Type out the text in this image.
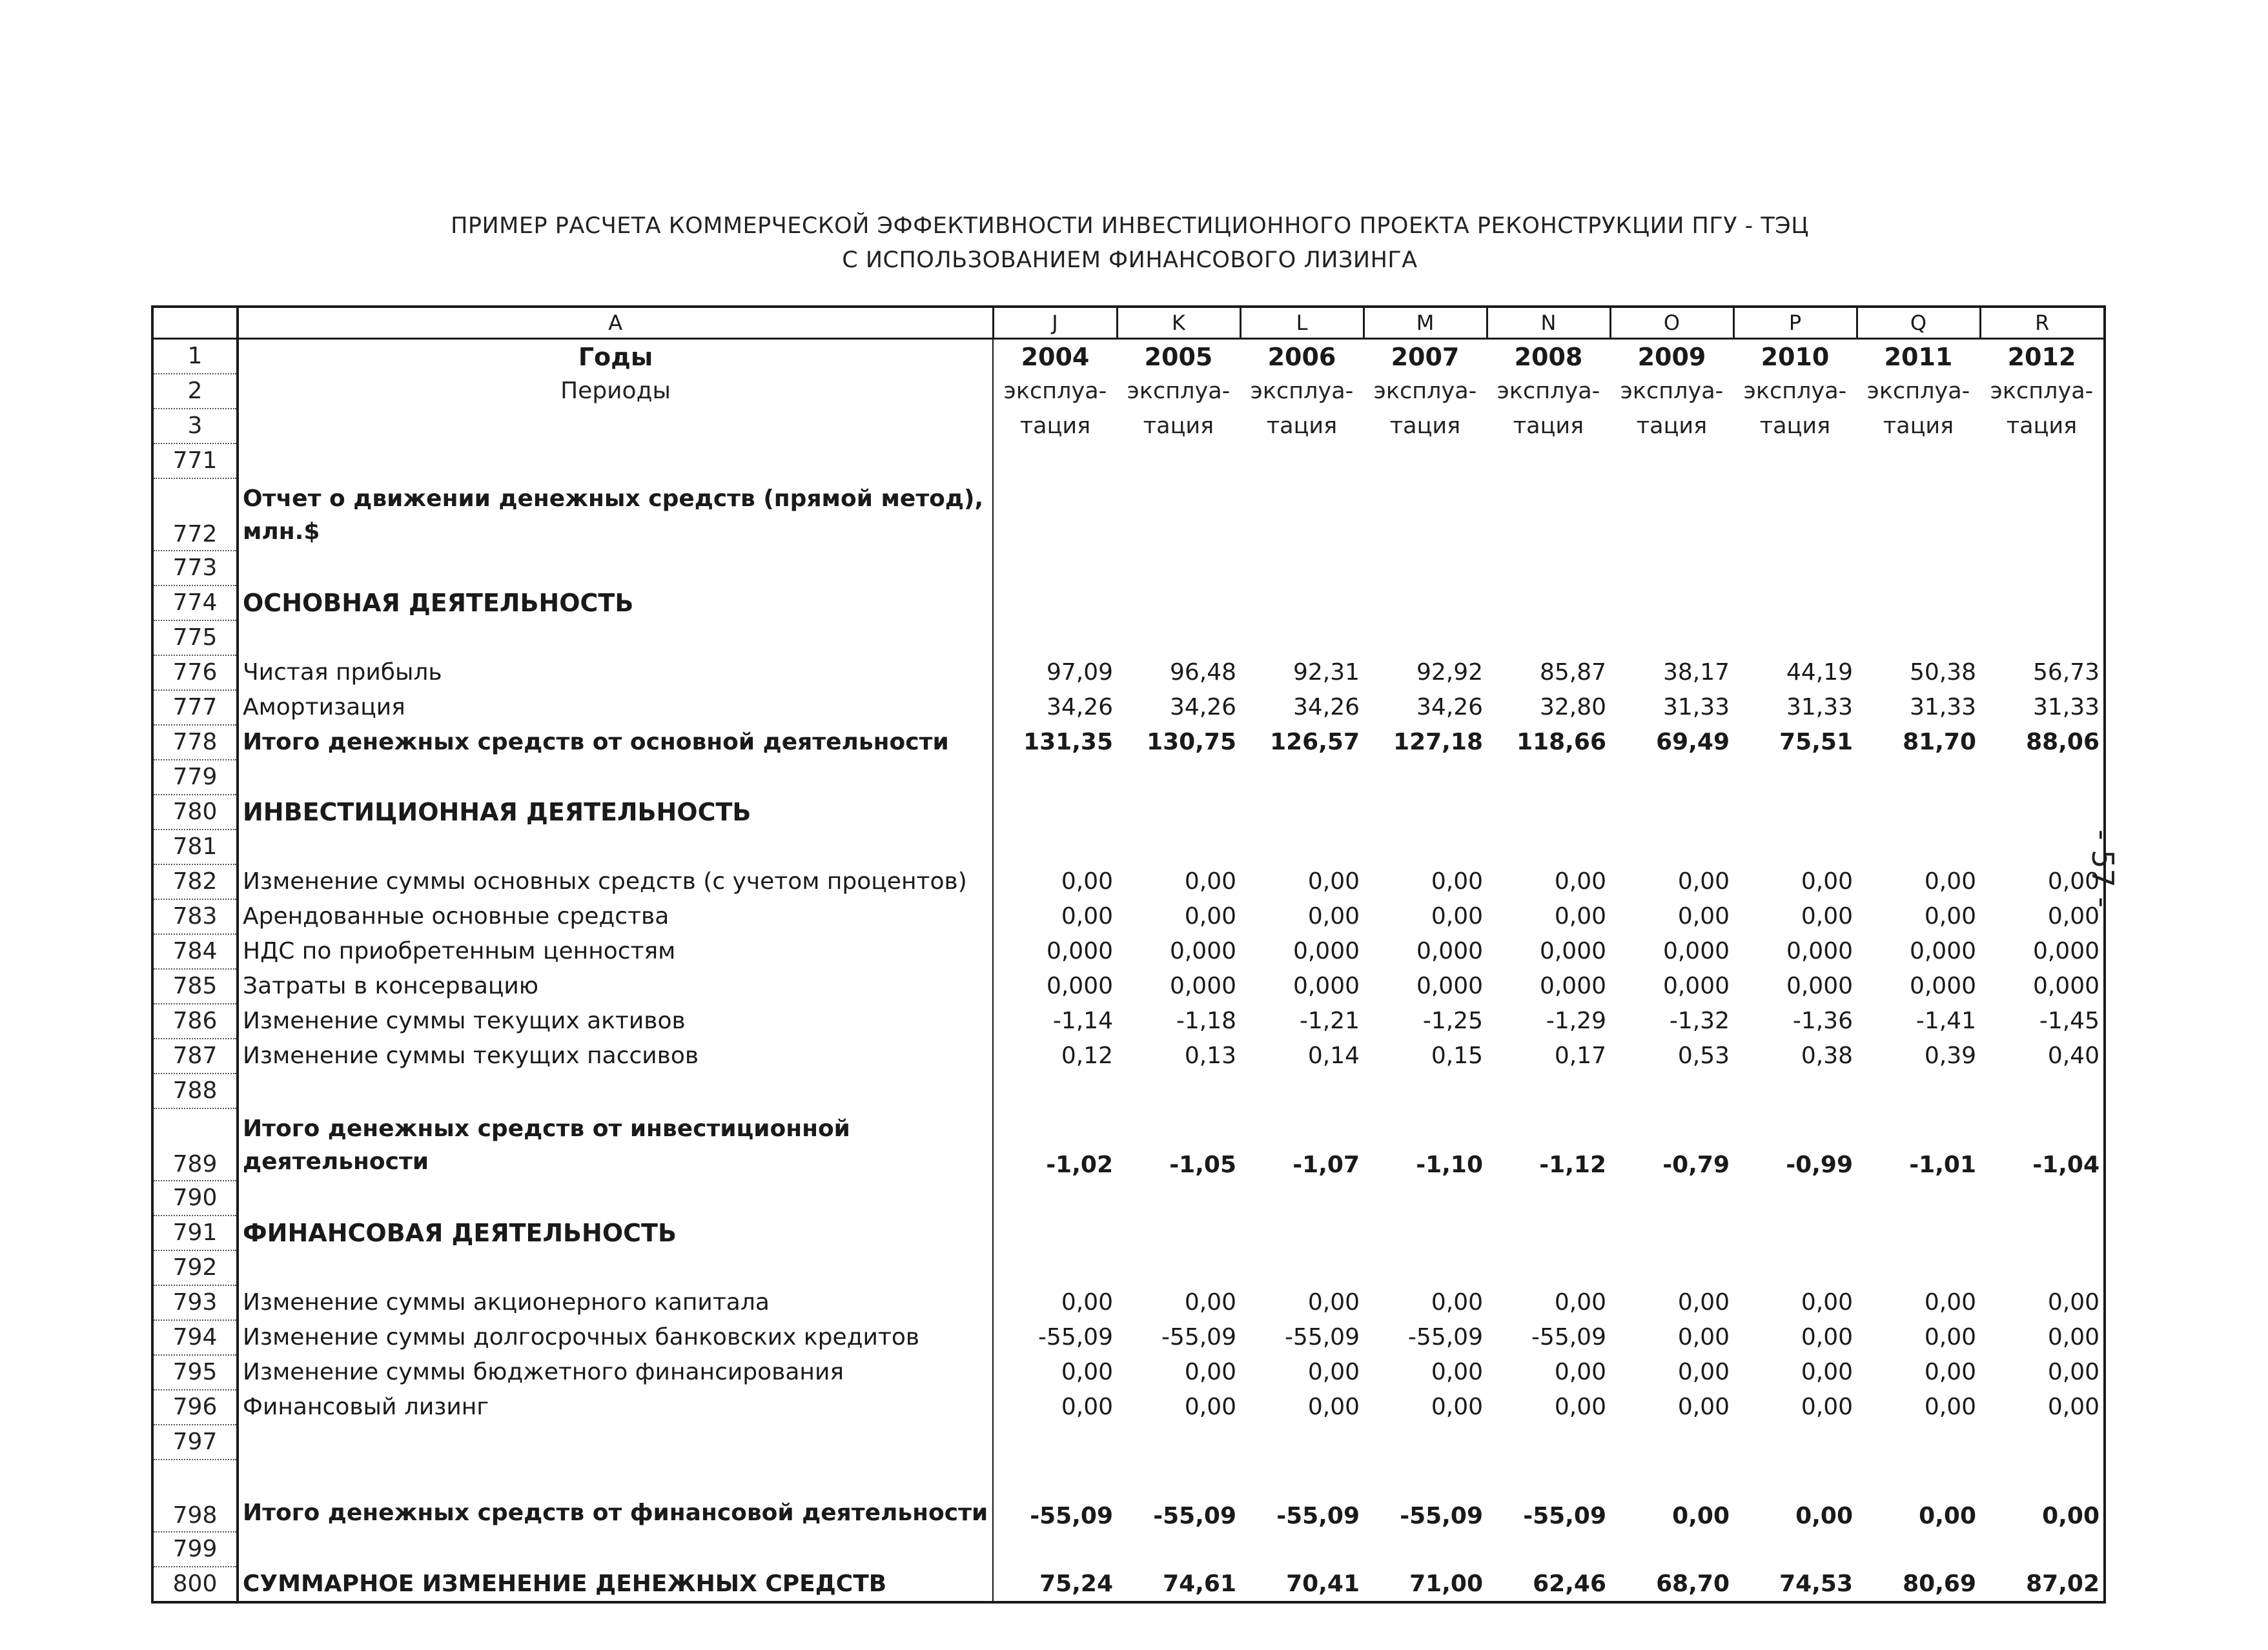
ПРИМЕР РАСЧЕТА КОММЕРЧЕСКОЙ ЭФФЕКТИВНОСТИ ИНВЕСТИЦИОННОГО ПРОЕКТА РЕКОНСТРУКЦИИ ПГУ - ТЭЦ
С ИСПОЛЬЗОВАНИЕМ ФИНАНСОВОГО ЛИЗИНГА
- 57 -
	A	J	K	L	M	N	O	P	Q	R
1	Годы	2004	2005	2006	2007	2008	2009	2010	2011	2012
2	Периоды	эксплуа-	эксплуа-	эксплуа-	эксплуа-	эксплуа-	эксплуа-	эксплуа-	эксплуа-	эксплуа-
3		тация	тация	тация	тация	тация	тация	тация	тация	тация
771										
772	Отчет о движении денежных средств (прямой метод), млн.$									
773										
774	ОСНОВНАЯ ДЕЯТЕЛЬНОСТЬ									
775										
776	Чистая прибыль	97,09	96,48	92,31	92,92	85,87	38,17	44,19	50,38	56,73
777	Амортизация	34,26	34,26	34,26	34,26	32,80	31,33	31,33	31,33	31,33
778	Итого денежных средств от основной деятельности	131,35	130,75	126,57	127,18	118,66	69,49	75,51	81,70	88,06
779										
780	ИНВЕСТИЦИОННАЯ ДЕЯТЕЛЬНОСТЬ									
781										
782	Изменение суммы основных средств (с учетом процентов)	0,00	0,00	0,00	0,00	0,00	0,00	0,00	0,00	0,00
783	Арендованные основные средства	0,00	0,00	0,00	0,00	0,00	0,00	0,00	0,00	0,00
784	НДС по приобретенным ценностям	0,000	0,000	0,000	0,000	0,000	0,000	0,000	0,000	0,000
785	Затраты в консервацию	0,000	0,000	0,000	0,000	0,000	0,000	0,000	0,000	0,000
786	Изменение суммы текущих активов	-1,14	-1,18	-1,21	-1,25	-1,29	-1,32	-1,36	-1,41	-1,45
787	Изменение суммы текущих пассивов	0,12	0,13	0,14	0,15	0,17	0,53	0,38	0,39	0,40
788										
789	Итого денежных средств от инвестиционной деятельности	-1,02	-1,05	-1,07	-1,10	-1,12	-0,79	-0,99	-1,01	-1,04
790										
791	ФИНАНСОВАЯ ДЕЯТЕЛЬНОСТЬ									
792										
793	Изменение суммы акционерного капитала	0,00	0,00	0,00	0,00	0,00	0,00	0,00	0,00	0,00
794	Изменение суммы долгосрочных банковских кредитов	-55,09	-55,09	-55,09	-55,09	-55,09	0,00	0,00	0,00	0,00
795	Изменение суммы бюджетного финансирования	0,00	0,00	0,00	0,00	0,00	0,00	0,00	0,00	0,00
796	Финансовый лизинг	0,00	0,00	0,00	0,00	0,00	0,00	0,00	0,00	0,00
797										
798	Итого денежных средств от финансовой деятельности	-55,09	-55,09	-55,09	-55,09	-55,09	0,00	0,00	0,00	0,00
799										
800	СУММАРНОЕ ИЗМЕНЕНИЕ ДЕНЕЖНЫХ СРЕДСТВ	75,24	74,61	70,41	71,00	62,46	68,70	74,53	80,69	87,02
